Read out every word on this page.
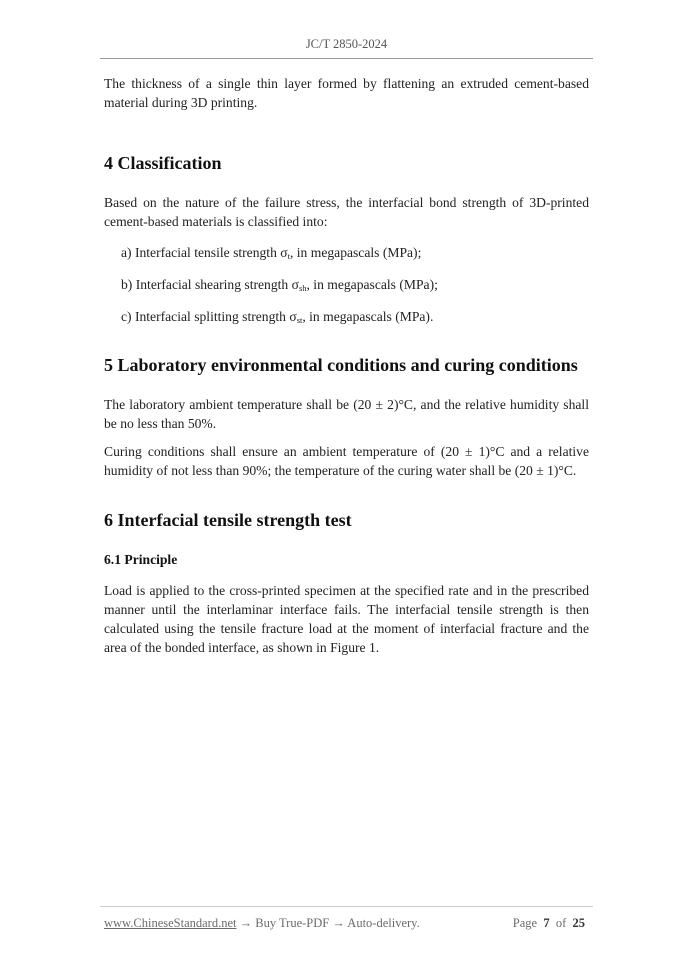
JC/T 2850-2024

The thickness of a single thin layer formed by flattening an extruded cement-based material during 3D printing.

4 Classification

Based on the nature of the failure stress, the interfacial bond strength of 3D-printed cement-based materials is classified into:

a) Interfacial tensile strength $\sigma_t$, in megapascals (MPa);

b) Interfacial shearing strength $\sigma_{sh}$, in megapascals (MPa);

c) Interfacial splitting strength $\sigma_{st}$, in megapascals (MPa).

5 Laboratory environmental conditions and curing conditions

The laboratory ambient temperature shall be (20 ± 2)°C, and the relative humidity shall be no less than 50%.

Curing conditions shall ensure an ambient temperature of (20 ± 1)°C and a relative humidity of not less than 90%; the temperature of the curing water shall be (20 ± 1)°C.

6 Interfacial tensile strength test
6.1 Principle

Load is applied to the cross-printed specimen at the specified rate and in the prescribed manner until the interlaminar interface fails. The interfacial tensile strength is then calculated using the tensile fracture load at the moment of interfacial fracture and the area of the bonded interface, as shown in Figure 1.

www.ChineseStandard.net → Buy True-PDF → Auto-delivery.	Page 7 of 25
